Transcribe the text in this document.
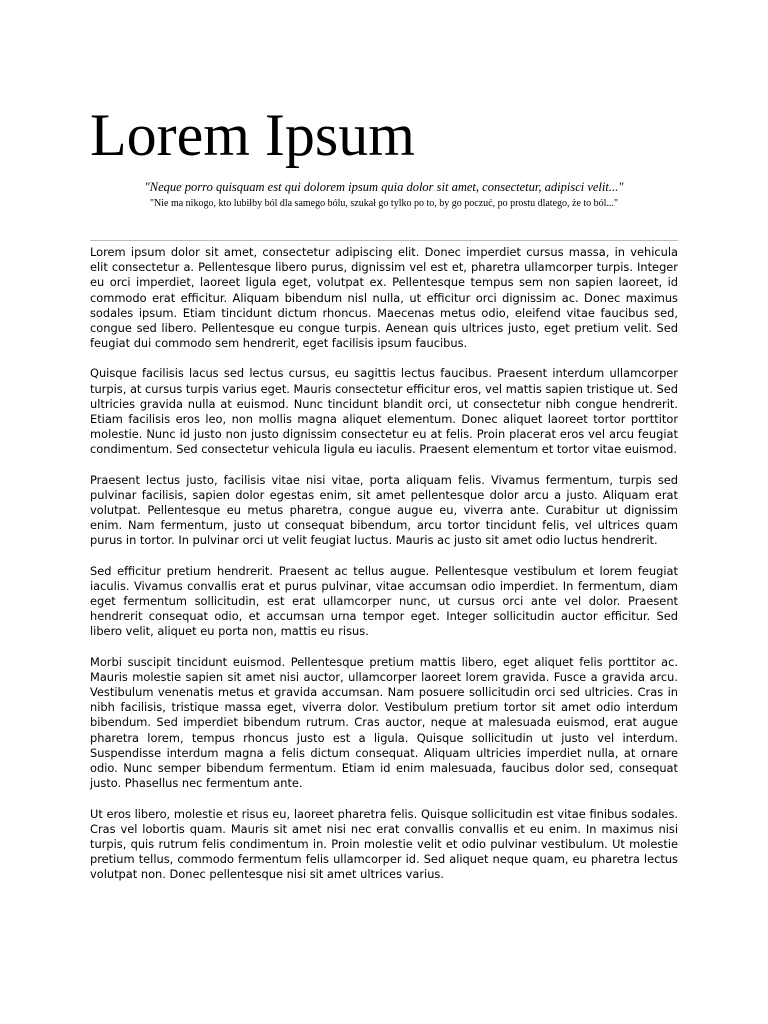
Lorem Ipsum
"Neque porro quisquam est qui dolorem ipsum quia dolor sit amet, consectetur, adipisci velit..."
"Nie ma nikogo, kto lubiłby ból dla samego bólu, szukał go tylko po to, by go poczuć, po prostu dlatego, że to ból..."

Lorem ipsum dolor sit amet, consectetur adipiscing elit. Donec imperdiet cursus massa, in vehicula elit consectetur a. Pellentesque libero purus, dignissim vel est et, pharetra ullamcorper turpis. Integer eu orci imperdiet, laoreet ligula eget, volutpat ex. Pellentesque tempus sem non sapien laoreet, id commodo erat efficitur. Aliquam bibendum nisl nulla, ut efficitur orci dignissim ac. Donec maximus sodales ipsum. Etiam tincidunt dictum rhoncus. Maecenas metus odio, eleifend vitae faucibus sed, congue sed libero. Pellentesque eu congue turpis. Aenean quis ultrices justo, eget pretium velit. Sed feugiat dui commodo sem hendrerit, eget facilisis ipsum faucibus.

Quisque facilisis lacus sed lectus cursus, eu sagittis lectus faucibus. Praesent interdum ullamcorper turpis, at cursus turpis varius eget. Mauris consectetur efficitur eros, vel mattis sapien tristique ut. Sed ultricies gravida nulla at euismod. Nunc tincidunt blandit orci, ut consectetur nibh congue hendrerit. Etiam facilisis eros leo, non mollis magna aliquet elementum. Donec aliquet laoreet tortor porttitor molestie. Nunc id justo non justo dignissim consectetur eu at felis. Proin placerat eros vel arcu feugiat condimentum. Sed consectetur vehicula ligula eu iaculis. Praesent elementum et tortor vitae euismod.

Praesent lectus justo, facilisis vitae nisi vitae, porta aliquam felis. Vivamus fermentum, turpis sed pulvinar facilisis, sapien dolor egestas enim, sit amet pellentesque dolor arcu a justo. Aliquam erat volutpat. Pellentesque eu metus pharetra, congue augue eu, viverra ante. Curabitur ut dignissim enim. Nam fermentum, justo ut consequat bibendum, arcu tortor tincidunt felis, vel ultrices quam purus in tortor. In pulvinar orci ut velit feugiat luctus. Mauris ac justo sit amet odio luctus hendrerit.

Sed efficitur pretium hendrerit. Praesent ac tellus augue. Pellentesque vestibulum et lorem feugiat iaculis. Vivamus convallis erat et purus pulvinar, vitae accumsan odio imperdiet. In fermentum, diam eget fermentum sollicitudin, est erat ullamcorper nunc, ut cursus orci ante vel dolor. Praesent hendrerit consequat odio, et accumsan urna tempor eget. Integer sollicitudin auctor efficitur. Sed libero velit, aliquet eu porta non, mattis eu risus.

Morbi suscipit tincidunt euismod. Pellentesque pretium mattis libero, eget aliquet felis porttitor ac. Mauris molestie sapien sit amet nisi auctor, ullamcorper laoreet lorem gravida. Fusce a gravida arcu. Vestibulum venenatis metus et gravida accumsan. Nam posuere sollicitudin orci sed ultricies. Cras in nibh facilisis, tristique massa eget, viverra dolor. Vestibulum pretium tortor sit amet odio interdum bibendum. Sed imperdiet bibendum rutrum. Cras auctor, neque at malesuada euismod, erat augue pharetra lorem, tempus rhoncus justo est a ligula. Quisque sollicitudin ut justo vel interdum. Suspendisse interdum magna a felis dictum consequat. Aliquam ultricies imperdiet nulla, at ornare odio. Nunc semper bibendum fermentum. Etiam id enim malesuada, faucibus dolor sed, consequat justo. Phasellus nec fermentum ante.

Ut eros libero, molestie et risus eu, laoreet pharetra felis. Quisque sollicitudin est vitae finibus sodales. Cras vel lobortis quam. Mauris sit amet nisi nec erat convallis convallis et eu enim. In maximus nisi turpis, quis rutrum felis condimentum in. Proin molestie velit et odio pulvinar vestibulum. Ut molestie pretium tellus, commodo fermentum felis ullamcorper id. Sed aliquet neque quam, eu pharetra lectus volutpat non. Donec pellentesque nisi sit amet ultrices varius.
